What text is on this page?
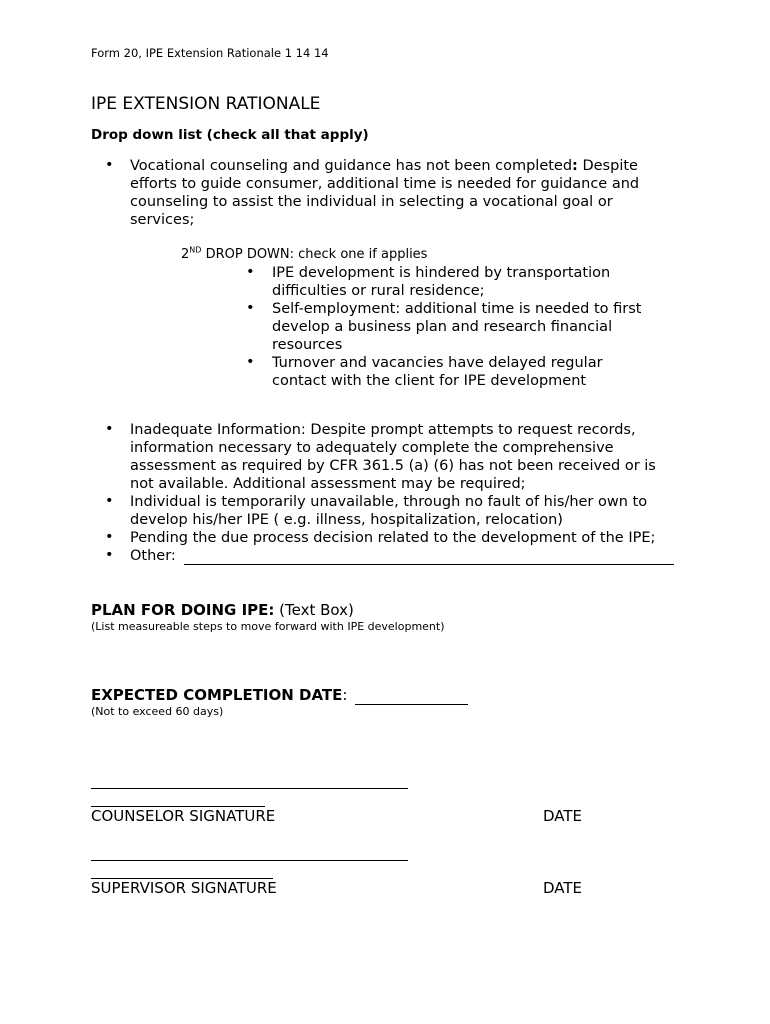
Form 20, IPE Extension Rationale 1 14 14
IPE EXTENSION RATIONALE
Drop down list (check all that apply)
• Vocational counseling and guidance has not been completed: Despite
efforts to guide consumer, additional time is needed for guidance and
counseling to assist the individual in selecting a vocational goal or
services;
2ND DROP DOWN: check one if applies
• IPE development is hindered by transportation
difficulties or rural residence;
• Self-employment: additional time is needed to first
develop a business plan and research financial
resources
• Turnover and vacancies have delayed regular
contact with the client for IPE development
• Inadequate Information: Despite prompt attempts to request records,
information necessary to adequately complete the comprehensive
assessment as required by CFR 361.5 (a) (6) has not been received or is
not available. Additional assessment may be required;
• Individual is temporarily unavailable, through no fault of his/her own to
develop his/her IPE ( e.g. illness, hospitalization, relocation)
• Pending the due process decision related to the development of the IPE;
• Other:
PLAN FOR DOING IPE: (Text Box)
(List measureable steps to move forward with IPE development)
EXPECTED COMPLETION DATE:
(Not to exceed 60 days)
COUNSELOR SIGNATURE	DATE
SUPERVISOR SIGNATURE	DATE
